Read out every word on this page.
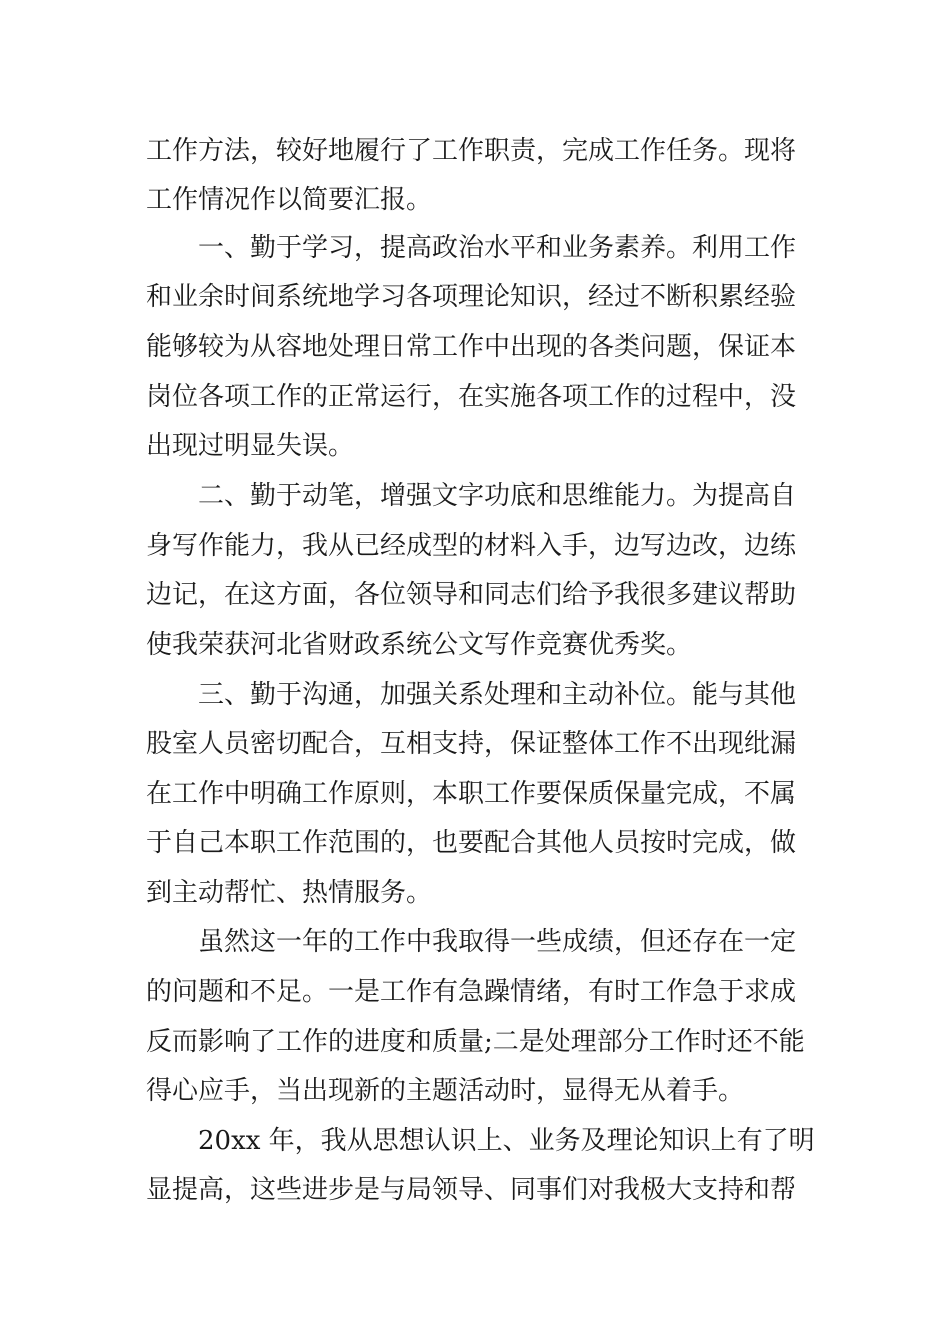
工作方法，较好地履行了工作职责，完成工作任务。现将
工作情况作以简要汇报。
一、勤于学习，提高政治水平和业务素养。利用工作
和业余时间系统地学习各项理论知识，经过不断积累经验
能够较为从容地处理日常工作中出现的各类问题，保证本
岗位各项工作的正常运行，在实施各项工作的过程中，没
出现过明显失误。
二、勤于动笔，增强文字功底和思维能力。为提高自
身写作能力，我从已经成型的材料入手，边写边改，边练
边记，在这方面，各位领导和同志们给予我很多建议帮助
使我荣获河北省财政系统公文写作竞赛优秀奖。
三、勤于沟通，加强关系处理和主动补位。能与其他
股室人员密切配合，互相支持，保证整体工作不出现纰漏
在工作中明确工作原则，本职工作要保质保量完成，不属
于自己本职工作范围的，也要配合其他人员按时完成，做
到主动帮忙、热情服务。
虽然这一年的工作中我取得一些成绩，但还存在一定
的问题和不足。一是工作有急躁情绪，有时工作急于求成
反而影响了工作的进度和质量;二是处理部分工作时还不能
得心应手，当出现新的主题活动时，显得无从着手。
20xx 年，我从思想认识上、业务及理论知识上有了明
显提高，这些进步是与局领导、同事们对我极大支持和帮
